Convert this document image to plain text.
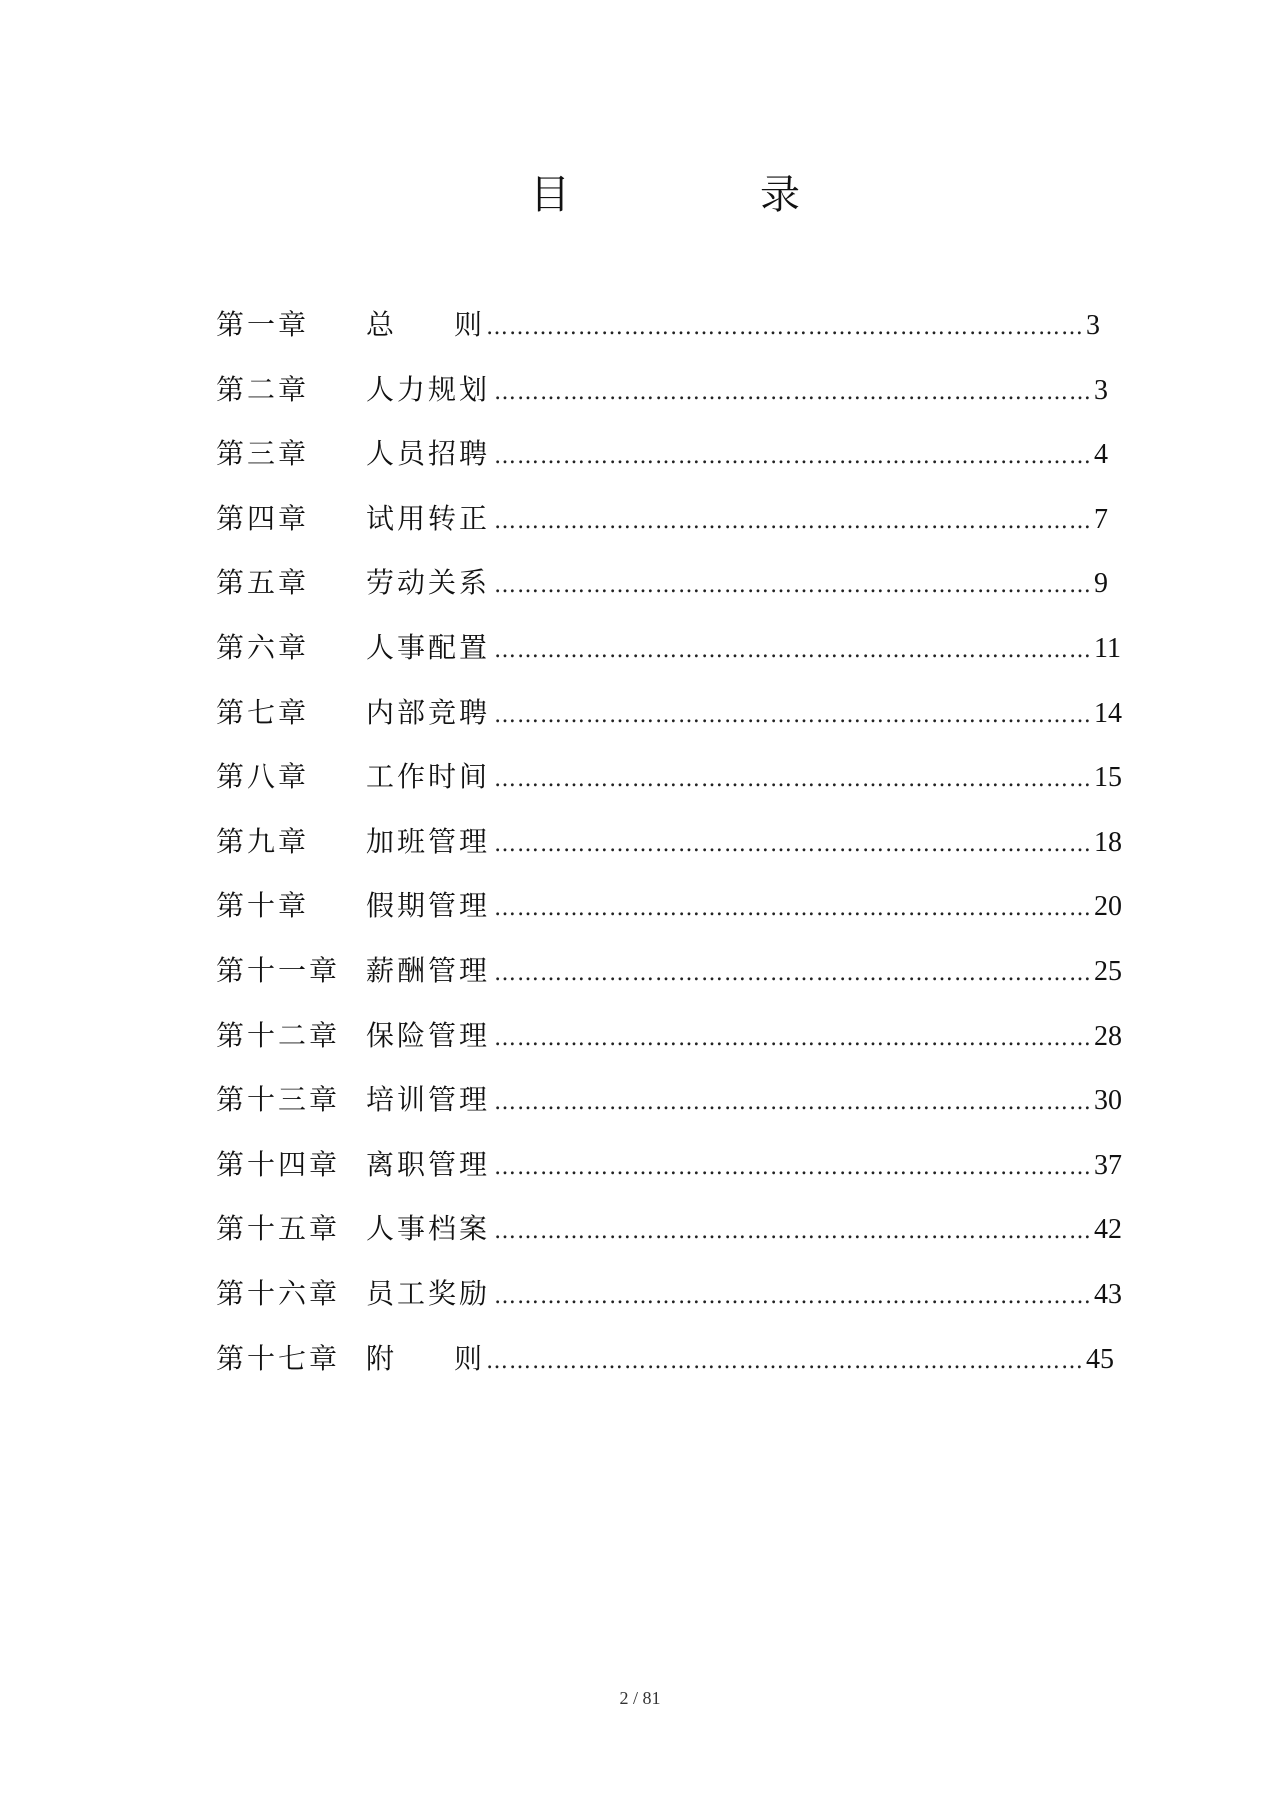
目	录
第一章	总 则 …………………………………………………………………… 3
第二章	人力规划 …………………………………………………………………… 3
第三章	人员招聘 …………………………………………………………………… 4
第四章	试用转正 …………………………………………………………………… 7
第五章	劳动关系 …………………………………………………………………… 9
第六章	人事配置 …………………………………………………………………… 11
第七章	内部竞聘 …………………………………………………………………… 14
第八章	工作时间 …………………………………………………………………… 15
第九章	加班管理 …………………………………………………………………… 18
第十章	假期管理 …………………………………………………………………… 20
第十一章 薪酬管理 …………………………………………………………………… 25
第十二章 保险管理 …………………………………………………………………… 28
第十三章 培训管理 …………………………………………………………………… 30
第十四章 离职管理 …………………………………………………………………… 37
第十五章 人事档案 …………………………………………………………………… 42
第十六章 员工奖励 …………………………………………………………………… 43
第十七章 附 则 …………………………………………………………………… 45
2 / 81
